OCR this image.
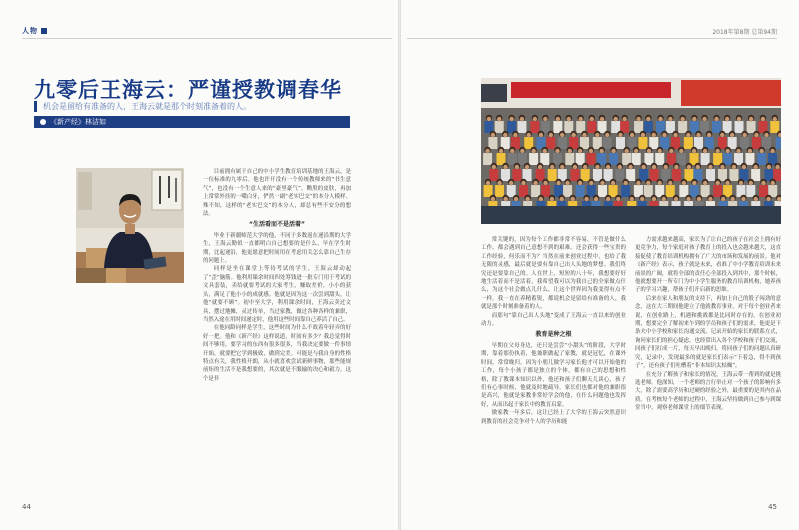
人物
九零后王海云：严谨授教调春华
机会是留给有准备的人，王海云就是那个时刻准备着的人。
《新产经》林洁如

目前拥有属于自己的中小学生教育培训基地的王海云，是一位标准的九零后。他也许开没有一个传统教师来的“书生意气”，也没有一个生意人来的“豪里豪气”，黝黑的皮肤，再加上常常外挂的一嘴白牙，俨然一副“老实巴交”的本分人模样。殊不知，这样的“老实巴交”的本分人，却总有些不安分的想法。

“生活看而不是活着”

毕业于新疆师范大学的他，不同于多数返在递沿期的大学生，王海云勤似一直都明白自己想要的是什么。早在学生时期，比起递沿，他更愿意把时间用在考虑用关怎么靠自己生存的问题上。

同样是坐在课堂上等待考试的学生，王海云却动起了“歪”脑筋。他利用课余时间四处筹钱进一批专门用于考试的文具套装，卖给就要考试的大家考生，赚取差价。小小的获头，满足了他小小的成就感。他就是因为这一次尝到甜头，让他“就要不顾”。初中至大学，利用课余时间，王海云卖过文具，摆过地摊，灵过传单，当过家教，做过各种各样的兼职，当然入途在用时间递定时，他用这些时间靠自己养活了自己。

在他同龄同样是学生，这些时间为什么不故着年轻弄的好好一把。他和《新产经》这样说道，时间有多少？我总觉得时间不够用，要学习的东西有很多很多，当我决定要做一件事情开始，就要把它学到极致，做到完美。可能是与我自身的性格特点有关，我性格开朗，从小就喜欢尝试新鲜事物，那些能规前矩的生活不是我想要的，其次就是不服输的决心和毅力，这个是非

44
2018年第8期 总第94期

常关键的，因为每个工作都非常不容易，不管是做什么工作，都会遇到自己意想不到的艰难。还会获得一些宝贵的工作经验，何乐而不为？当然在前来创业过程中，也给了我无限的灵感，最后就是要有靠自己出人头地的梦想。我们终究还是要靠自己的。人在世上，短短的八十年，我想要好好地生活着而不是活着，我希望我可以为我自己的全家做点什么，为这个社会做点儿什么，让这个世界因为我变得有点不一样。我一直在养精蓄锐，都说机会是留给有准备的人，我就是那个时刻准备着的人。

而那句“靠自己出人头地”变成了王海云一直以来的创业动力。

教育是种之根

早期在父母身边，还只是尝尝“小甜头”的阶段，大学时期，靠着那份执着，他兼职做起了家教，就是冠忆，在课外时间，常常晚归，因为小朋儿做学习家长他才可以开始他的工作，每个小孩子都是独立的个体，都有自己的思想和性格，除了教课本知识以外，他还和孩子们聊天儿谈心，孩子们有心事时候，他就及时地疏导，家长们也都对他的兼职很是高兴，他就是家教非常好学会的他，在什么问题他也发挥好，从而出起于家长中的教育启蒙。

做家教一年多后，这让已经上了大学的王海云突然意识到教育的社会竞争对个人的学历和能

力需求越来越高，家长为了让自己的孩子在社会上拥有好更竞争力，每个家庭对孩子教育上的投入也会越来越大，这直接促使了教育培训机构拥有了广大的市场和发展的前景。他对《新产经》表示，孩子就是未来，看准了中小学教育培训未来前景的广阔，就将全部的责任心全部投入到其中，那个时候，他就想要开一所专门为中小学生服务的教育培训机构，她养孩子的学习兴趣，帮孩子们开启新的思维。

后来在家人和朋友的支持下，再加上自己的股子闯劲的意念，这在大三期间他建立了他就教育事业。对于每个创业者来说，在创业路上，机遇和挑战都是比同时存在的，在创业初期，想要完全了解初来乍到的学员和孩子们的需求，他更是下条夫中小学校和家长沟通交流，记录开始的家长的联系方式，询问家长们的担心疑虑。也经常出入各个学校和孩子们交流，同孩子们打成一片，每天早出晚归，将同孩子们的问题认真研究，记录中，发现最多的就是家长们表示“下着急，得不到孩子”，还有孩子们吐槽着“非本知识太枯燥”。

在充分了解孩子和家长的情况，王海云带一帮到的就是挑选老师。他深知，一个老师的言行举止对一个孩子的影响有多大，除了需要高学历和过硬的经验之外，最重要的是其内在品质。在考核每个老师的过程中，王海云坚持做到自己参与到课堂当中，观察老师课堂上的细节表现。

45
